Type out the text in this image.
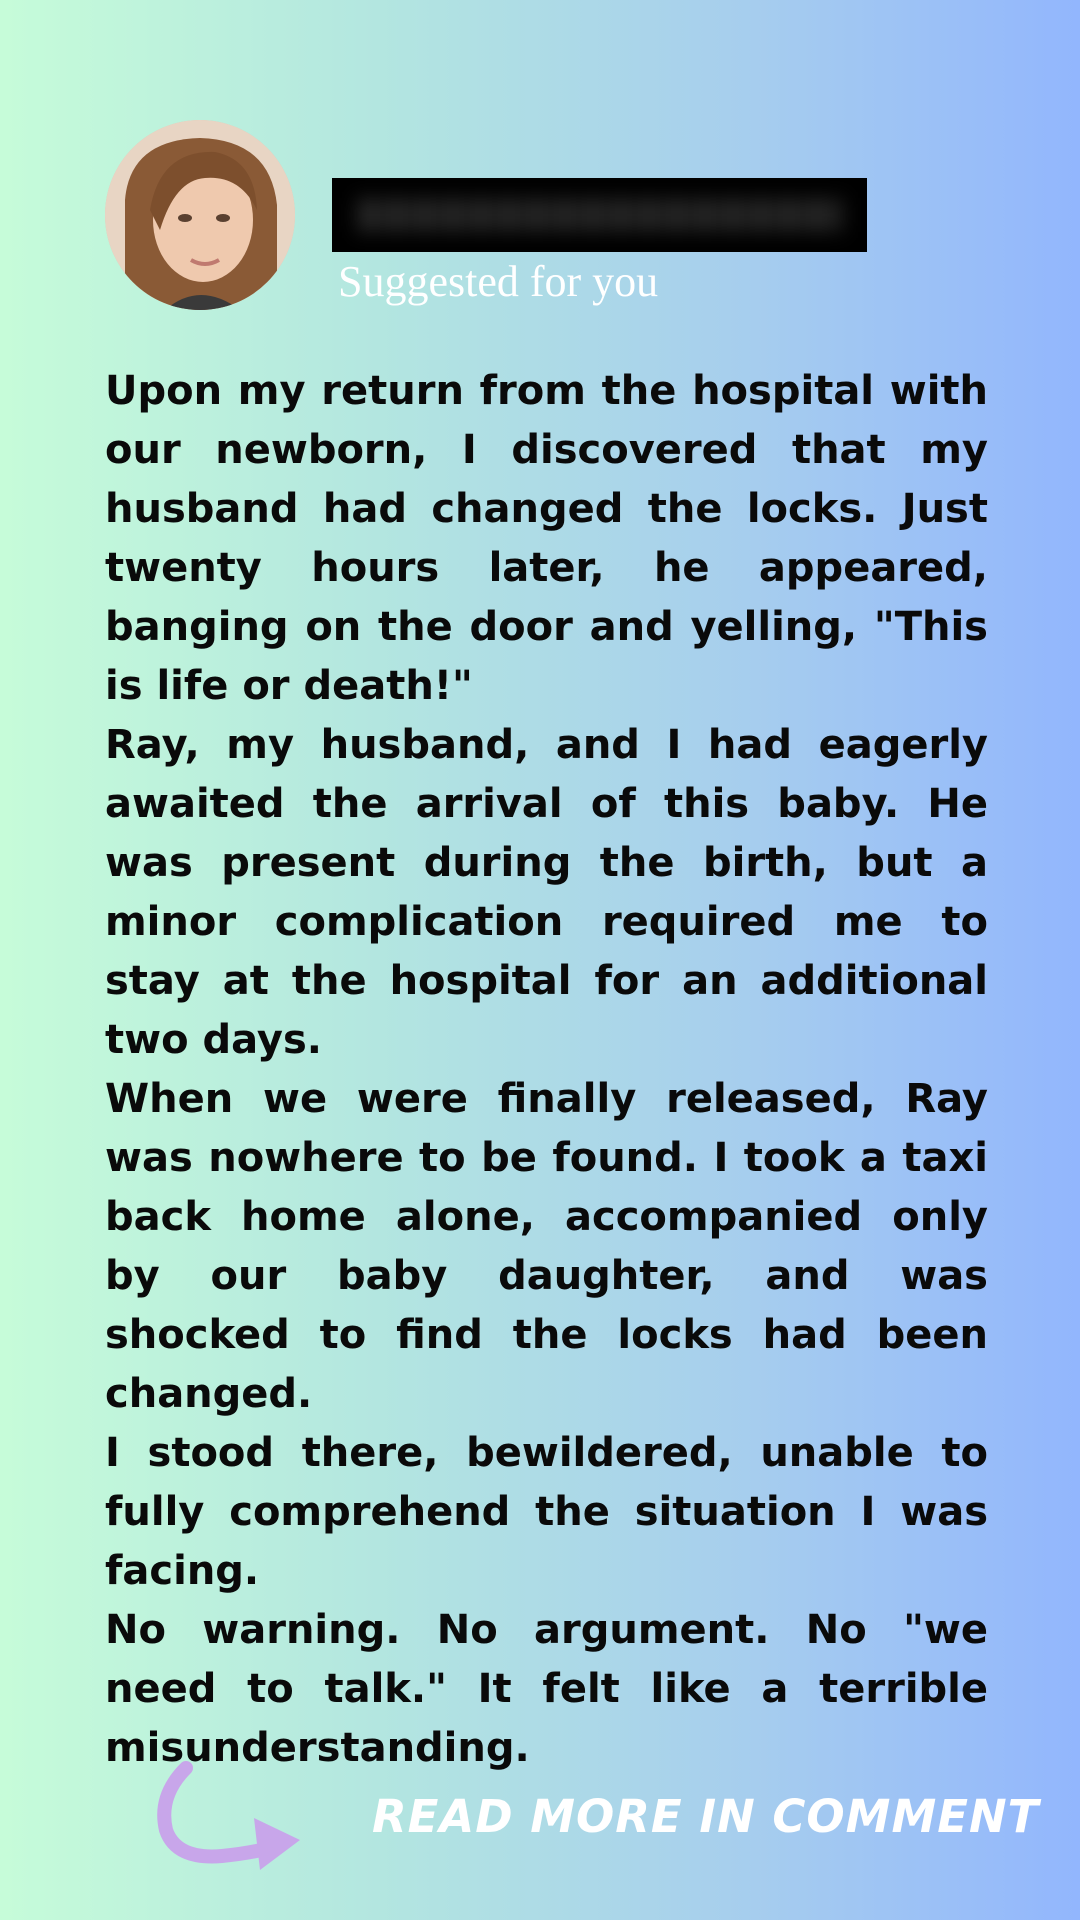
Suggested for you

Upon my return from the hospital with our newborn, I discovered that my husband had changed the locks. Just twenty hours later, he appeared, banging on the door and yelling, "This is life or death!"

Ray, my husband, and I had eagerly awaited the arrival of this baby. He was present during the birth, but a minor complication required me to stay at the hospital for an additional two days.

When we were finally released, Ray was nowhere to be found. I took a taxi back home alone, accompanied only by our baby daughter, and was shocked to find the locks had been changed.

I stood there, bewildered, unable to fully comprehend the situation I was facing.

No warning. No argument. No "we need to talk." It felt like a terrible misunderstanding.

READ MORE IN COMMENT
